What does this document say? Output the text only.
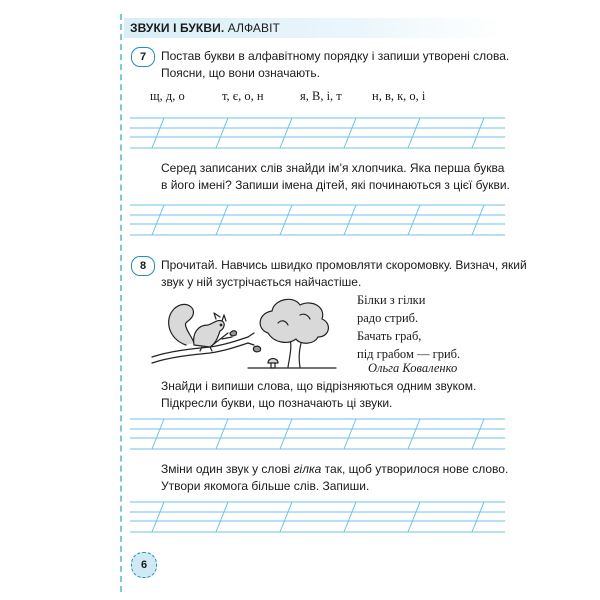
ЗВУКИ І БУКВИ. АЛФАВІТ
7	Постав букви в алфавітному порядку і запиши утворені слова.
Поясни, що вони означають.
щ, д, о	т, є, о, н	я, В, і, т н, в, к, о, і
Серед записаних слів знайди ім’я хлопчика. Яка перша буква
в його імені? Запиши імена дітей, які починаються з цієї букви.
8	Прочитай. Навчись швидко промовляти скоромовку. Визнач, який
звук у ній зустрічається найчастіше.
Білки з гілки
радо стриб.
Бачать граб,
під грабом — гриб.
Ольга Коваленко
Знайди і випиши слова, що відрізняються одним звуком.
Підкресли букви, що позначають ці звуки.
Зміни один звук у слові гілка так, щоб утворилося нове слово.
Утвори якомога більше слів. Запиши.
6
